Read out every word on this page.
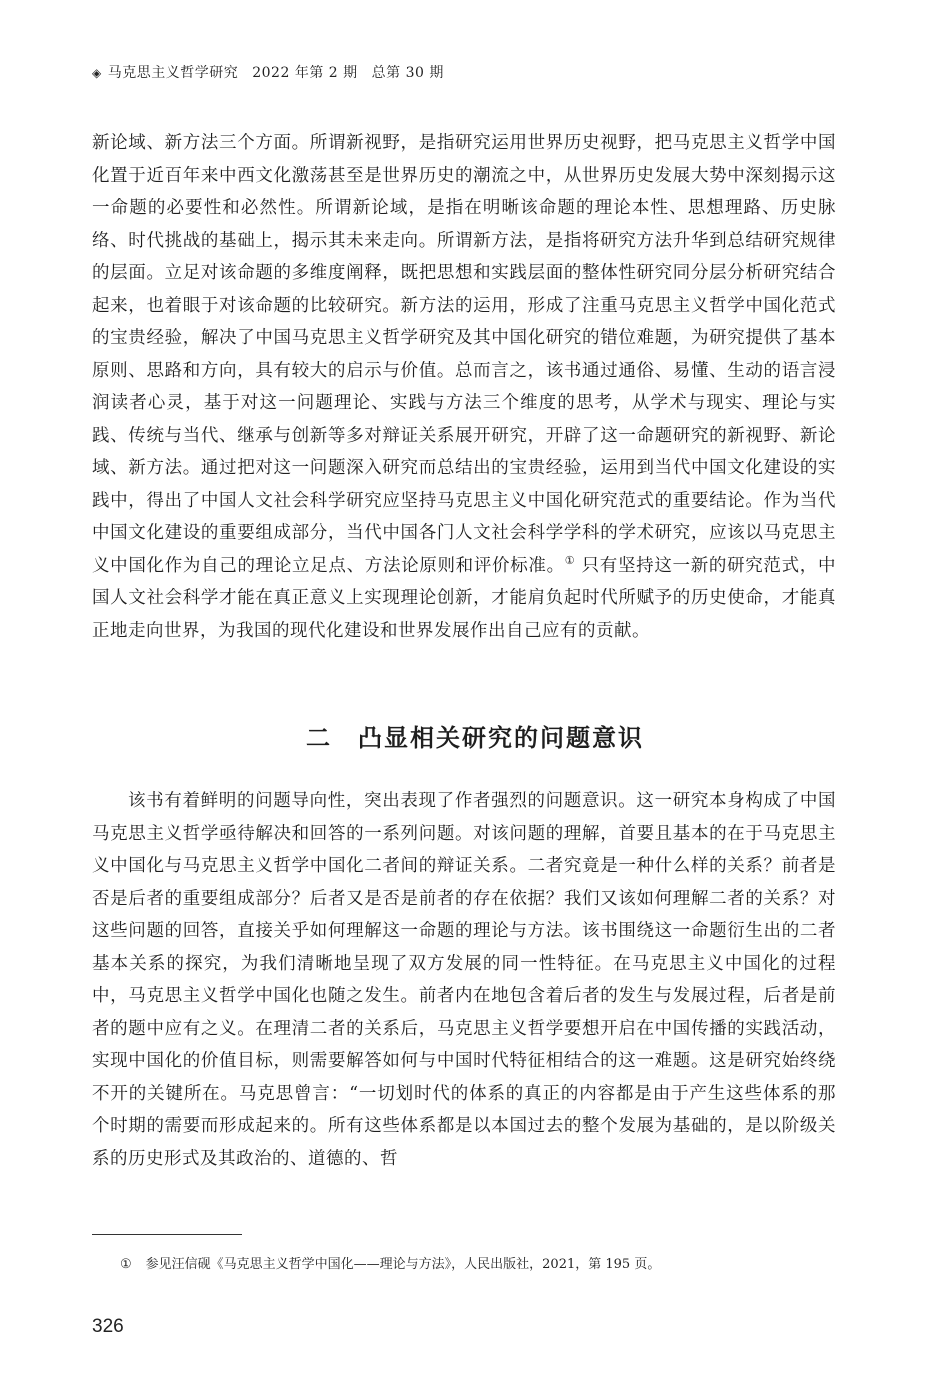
◈ 马克思主义哲学研究 2022 年第 2 期 总第 30 期

新论域、新方法三个方面。所谓新视野，是指研究运用世界历史视野，把马克思主义哲学中国化置于近百年来中西文化激荡甚至是世界历史的潮流之中，从世界历史发展大势中深刻揭示这一命题的必要性和必然性。所谓新论域，是指在明晰该命题的理论本性、思想理路、历史脉络、时代挑战的基础上，揭示其未来走向。所谓新方法，是指将研究方法升华到总结研究规律的层面。立足对该命题的多维度阐释，既把思想和实践层面的整体性研究同分层分析研究结合起来，也着眼于对该命题的比较研究。新方法的运用，形成了注重马克思主义哲学中国化范式的宝贵经验，解决了中国马克思主义哲学研究及其中国化研究的错位难题，为研究提供了基本原则、思路和方向，具有较大的启示与价值。总而言之，该书通过通俗、易懂、生动的语言浸润读者心灵，基于对这一问题理论、实践与方法三个维度的思考，从学术与现实、理论与实践、传统与当代、继承与创新等多对辩证关系展开研究，开辟了这一命题研究的新视野、新论域、新方法。通过把对这一问题深入研究而总结出的宝贵经验，运用到当代中国文化建设的实践中，得出了中国人文社会科学研究应坚持马克思主义中国化研究范式的重要结论。作为当代中国文化建设的重要组成部分，当代中国各门人文社会科学学科的学术研究，应该以马克思主义中国化作为自己的理论立足点、方法论原则和评价标准。① 只有坚持这一新的研究范式，中国人文社会科学才能在真正意义上实现理论创新，才能肩负起时代所赋予的历史使命，才能真正地走向世界，为我国的现代化建设和世界发展作出自己应有的贡献。

二 凸显相关研究的问题意识

该书有着鲜明的问题导向性，突出表现了作者强烈的问题意识。这一研究本身构成了中国马克思主义哲学亟待解决和回答的一系列问题。对该问题的理解，首要且基本的在于马克思主义中国化与马克思主义哲学中国化二者间的辩证关系。二者究竟是一种什么样的关系？前者是否是后者的重要组成部分？后者又是否是前者的存在依据？我们又该如何理解二者的关系？对这些问题的回答，直接关乎如何理解这一命题的理论与方法。该书围绕这一命题衍生出的二者基本关系的探究，为我们清晰地呈现了双方发展的同一性特征。在马克思主义中国化的过程中，马克思主义哲学中国化也随之发生。前者内在地包含着后者的发生与发展过程，后者是前者的题中应有之义。在理清二者的关系后，马克思主义哲学要想开启在中国传播的实践活动，实现中国化的价值目标，则需要解答如何与中国时代特征相结合的这一难题。这是研究始终绕不开的关键所在。马克思曾言：“一切划时代的体系的真正的内容都是由于产生这些体系的那个时期的需要而形成起来的。所有这些体系都是以本国过去的整个发展为基础的，是以阶级关系的历史形式及其政治的、道德的、哲

① 参见汪信砚《马克思主义哲学中国化——理论与方法》，人民出版社，2021，第 195 页。
326
